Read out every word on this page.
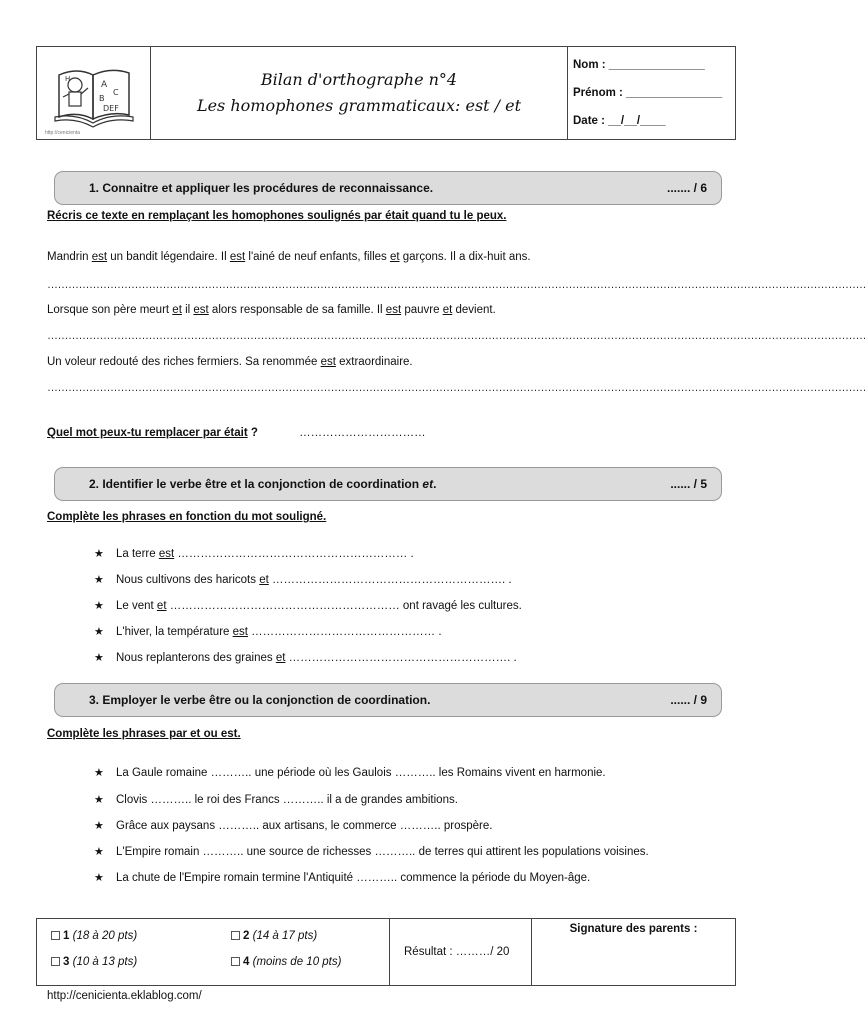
A
C
B
DEF
H
http://cenicienta
Bilan d'orthographe n°4
Les homophones grammaticaux: est / et
Nom : _______________
Prénom : _______________
Date : __/__/____
1. Connaitre et appliquer les procédures de reconnaissance.	....... / 6
Récris ce texte en remplaçant les homophones soulignés par était quand tu le peux.
Mandrin est un bandit légendaire. Il est l'ainé de neuf enfants, filles et garçons. Il a dix-huit ans.
………………………………………………………………………………………………………………………………………………………………………………………………………………
Lorsque son père meurt et il est alors responsable de sa famille. Il est pauvre et devient.
………………………………………………………………………………………………………………………………………………………………………………………………………………
Un voleur redouté des riches fermiers. Sa renommée est extraordinaire.
………………………………………………………………………………………………………………………………………………………………………………………………………………
Quel mot peux-tu remplacer par était ?	……………………………
2. Identifier le verbe être et la conjonction de coordination et.	...... / 5
Complète les phrases en fonction du mot souligné.
★ La terre est …………………………………………………… .
★ Nous cultivons des haricots et ……………………………………………………. .
★ Le vent et …………………………………………………… ont ravagé les cultures.
★ L'hiver, la température est ………………………………………… .
★ Nous replanterons des graines et …………………………………………………. .
3. Employer le verbe être ou la conjonction de coordination.	...... / 9
Complète les phrases par et ou est.
★ La Gaule romaine ……….. une période où les Gaulois ……….. les Romains vivent en harmonie.
★ Clovis ……….. le roi des Francs ……….. il a de grandes ambitions.
★ Grâce aux paysans ……….. aux artisans, le commerce ……….. prospère.
★ L'Empire romain ……….. une source de richesses ……….. de terres qui attirent les populations voisines.
★ La chute de l'Empire romain termine l'Antiquité ……….. commence la période du Moyen-âge.
1 (18 à 20 pts)	2 (14 à 17 pts)
3 (10 à 13 pts)	4 (moins de 10 pts)
Résultat : ………/ 20
Signature des parents :
http://cenicienta.eklablog.com/
